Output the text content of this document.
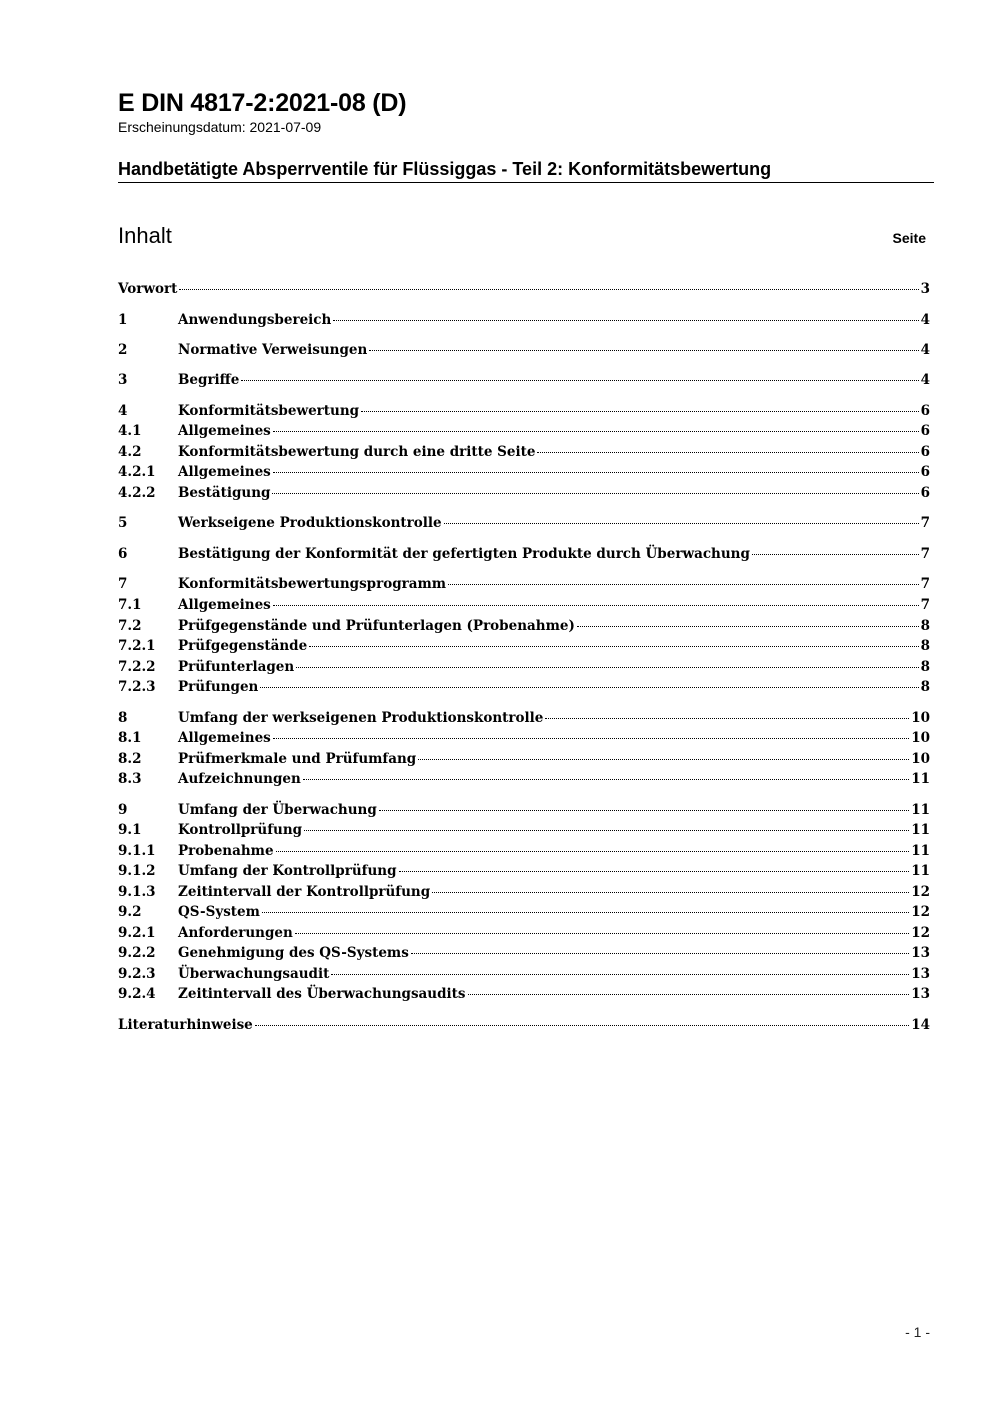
E DIN 4817-2:2021-08 (D)

Erscheinungsdatum: 2021-07-09

Handbetätigte Absperrventile für Flüssiggas - Teil 2: Konformitätsbewertung

Inhalt	Seite
Vorwort	3
1	Anwendungsbereich	4
2	Normative Verweisungen	4
3	Begriffe	4
4	Konformitätsbewertung	6
4.1	Allgemeines	6
4.2	Konformitätsbewertung durch eine dritte Seite	6
4.2.1	Allgemeines	6
4.2.2	Bestätigung	6
5	Werkseigene Produktionskontrolle	7
6	Bestätigung der Konformität der gefertigten Produkte durch Überwachung	7
7	Konformitätsbewertungsprogramm	7
7.1	Allgemeines	7
7.2	Prüfgegenstände und Prüfunterlagen (Probenahme)	8
7.2.1	Prüfgegenstände	8
7.2.2	Prüfunterlagen	8
7.2.3	Prüfungen	8
8	Umfang der werkseigenen Produktionskontrolle	10
8.1	Allgemeines	10
8.2	Prüfmerkmale und Prüfumfang	10
8.3	Aufzeichnungen	11
9	Umfang der Überwachung	11
9.1	Kontrollprüfung	11
9.1.1	Probenahme	11
9.1.2	Umfang der Kontrollprüfung	11
9.1.3	Zeitintervall der Kontrollprüfung	12
9.2	QS-System	12
9.2.1	Anforderungen	12
9.2.2	Genehmigung des QS-Systems	13
9.2.3	Überwachungsaudit	13
9.2.4	Zeitintervall des Überwachungsaudits	13
Literaturhinweise	14
- 1 -
